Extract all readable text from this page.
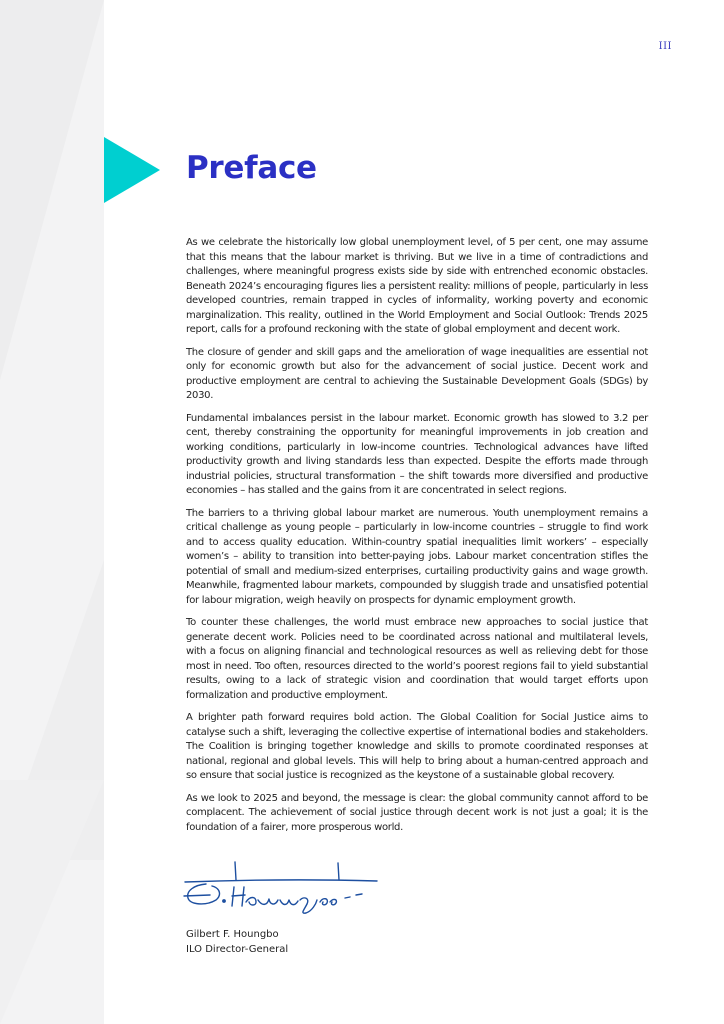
III
Preface

As we celebrate the historically low global unemployment level, of 5 per cent, one may assume that this means that the labour market is thriving. But we live in a time of contradictions and challenges, where meaningful progress exists side by side with entrenched economic obstacles. Beneath 2024’s encouraging figures lies a persistent reality: millions of people, particularly in less developed countries, remain trapped in cycles of informality, working poverty and economic marginalization. This reality, outlined in the World Employment and Social Outlook: Trends 2025 report, calls for a profound reckoning with the state of global employment and decent work.

The closure of gender and skill gaps and the amelioration of wage inequalities are essential not only for economic growth but also for the advancement of social justice. Decent work and productive employment are central to achieving the Sustainable Development Goals (SDGs) by 2030.

Fundamental imbalances persist in the labour market. Economic growth has slowed to 3.2 per cent, thereby constraining the opportunity for meaningful improvements in job creation and working conditions, particularly in low-income countries. Technological advances have lifted productivity growth and living standards less than expected. Despite the efforts made through industrial policies, structural transformation – the shift towards more diversified and productive economies – has stalled and the gains from it are concentrated in select regions.

The barriers to a thriving global labour market are numerous. Youth unemployment remains a critical challenge as young people – particularly in low-income countries – struggle to find work and to access quality education. Within-country spatial inequalities limit workers’ – especially women’s – ability to transition into better-paying jobs. Labour market concentration stifles the potential of small and medium-sized enterprises, curtailing productivity gains and wage growth. Meanwhile, fragmented labour markets, compounded by sluggish trade and unsatisfied potential for labour migration, weigh heavily on prospects for dynamic employment growth.

To counter these challenges, the world must embrace new approaches to social justice that generate decent work. Policies need to be coordinated across national and multilateral levels, with a focus on aligning financial and technological resources as well as relieving debt for those most in need. Too often, resources directed to the world’s poorest regions fail to yield substantial results, owing to a lack of strategic vision and coordination that would target efforts upon formalization and productive employment.

A brighter path forward requires bold action. The Global Coalition for Social Justice aims to catalyse such a shift, leveraging the collective expertise of international bodies and stakeholders. The Coalition is bringing together knowledge and skills to promote coordinated responses at national, regional and global levels. This will help to bring about a human-centred approach and so ensure that social justice is recognized as the keystone of a sustainable global recovery.

As we look to 2025 and beyond, the message is clear: the global community cannot afford to be complacent. The achievement of social justice through decent work is not just a goal; it is the foundation of a fairer, more prosperous world.

Gilbert F. Houngbo
ILO Director-General
